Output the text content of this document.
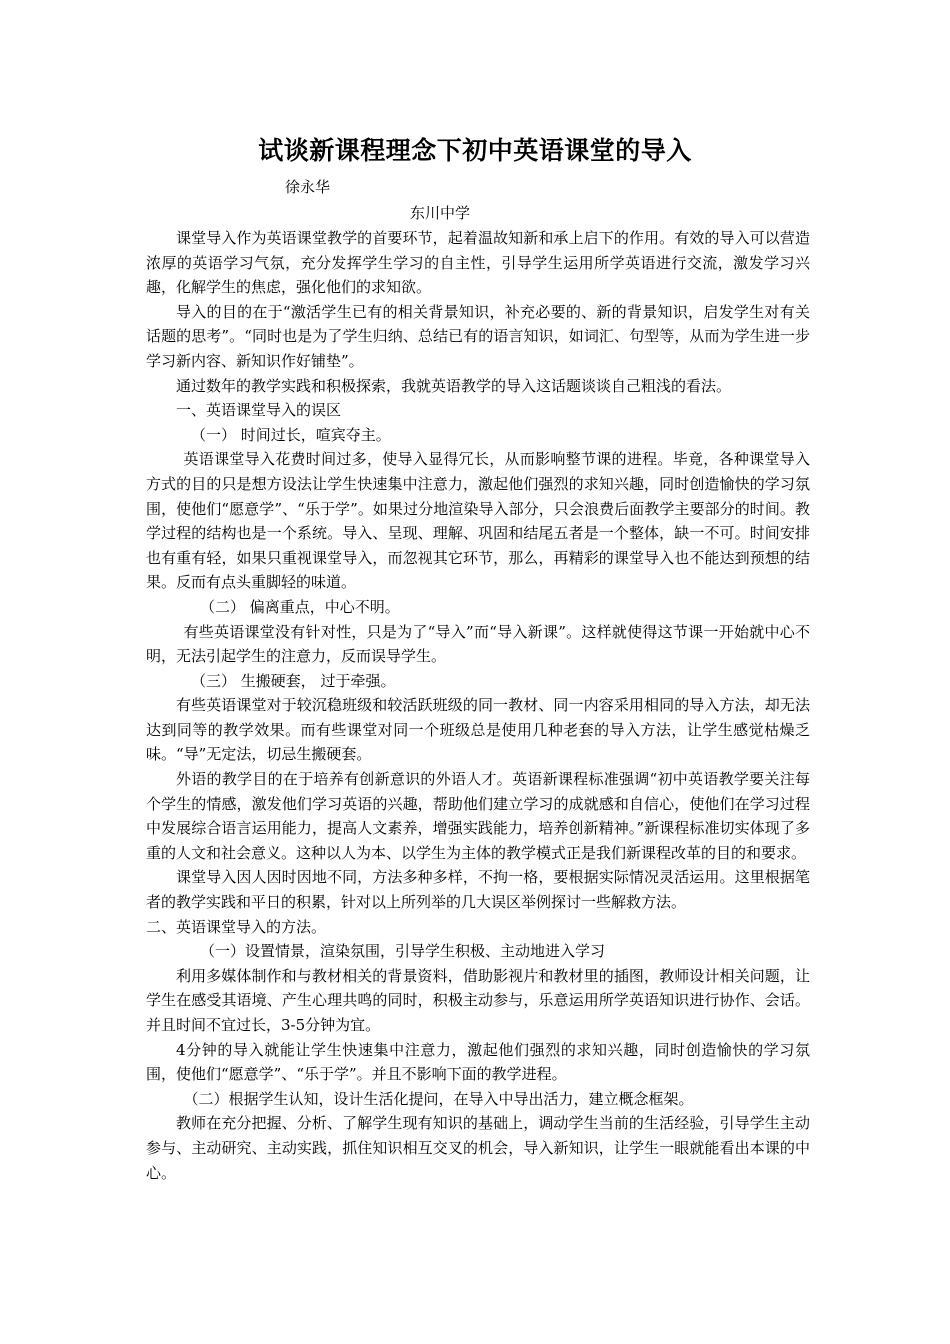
试谈新课程理念下初中英语课堂的导入
徐永华
东川中学

课堂导入作为英语课堂教学的首要环节，起着温故知新和承上启下的作用。有效的导入可以营造浓厚的英语学习气氛，充分发挥学生学习的自主性，引导学生运用所学英语进行交流，激发学习兴趣，化解学生的焦虑，强化他们的求知欲。

导入的目的在于“激活学生已有的相关背景知识，补充必要的、新的背景知识，启发学生对有关话题的思考”。“同时也是为了学生归纳、总结已有的语言知识，如词汇、句型等，从而为学生进一步学习新内容、新知识作好铺垫”。

通过数年的教学实践和积极探索，我就英语教学的导入这话题谈谈自己粗浅的看法。

一、英语课堂导入的误区

（一） 时间过长，喧宾夺主。

英语课堂导入花费时间过多，使导入显得冗长，从而影响整节课的进程。毕竟，各种课堂导入方式的目的只是想方设法让学生快速集中注意力，激起他们强烈的求知兴趣，同时创造愉快的学习氛围，使他们“愿意学”、“乐于学”。如果过分地渲染导入部分，只会浪费后面教学主要部分的时间。教学过程的结构也是一个系统。导入、呈现、理解、巩固和结尾五者是一个整体，缺一不可。时间安排也有重有轻，如果只重视课堂导入，而忽视其它环节，那么，再精彩的课堂导入也不能达到预想的结果。反而有点头重脚轻的味道。

（二） 偏离重点，中心不明。

有些英语课堂没有针对性，只是为了“导入”而“导入新课”。这样就使得这节课一开始就中心不明，无法引起学生的注意力，反而误导学生。

（三） 生搬硬套， 过于牵强。

有些英语课堂对于较沉稳班级和较活跃班级的同一教材、同一内容采用相同的导入方法，却无法达到同等的教学效果。而有些课堂对同一个班级总是使用几种老套的导入方法，让学生感觉枯燥乏味。“导”无定法，切忌生搬硬套。

外语的教学目的在于培养有创新意识的外语人才。英语新课程标准强调“初中英语教学要关注每个学生的情感，激发他们学习英语的兴趣，帮助他们建立学习的成就感和自信心，使他们在学习过程中发展综合语言运用能力，提高人文素养，增强实践能力，培养创新精神。”新课程标准切实体现了多重的人文和社会意义。这种以人为本、以学生为主体的教学模式正是我们新课程改革的目的和要求。

课堂导入因人因时因地不同，方法多种多样，不拘一格，要根据实际情况灵活运用。这里根据笔者的教学实践和平日的积累，针对以上所列举的几大误区举例探讨一些解救方法。

二、英语课堂导入的方法。

（一）设置情景，渲染氛围，引导学生积极、主动地进入学习

利用多媒体制作和与教材相关的背景资料，借助影视片和教材里的插图，教师设计相关问题，让学生在感受其语境、产生心理共鸣的同时，积极主动参与，乐意运用所学英语知识进行协作、会话。并且时间不宜过长，3-5分钟为宜。

4分钟的导入就能让学生快速集中注意力，激起他们强烈的求知兴趣，同时创造愉快的学习氛围，使他们“愿意学”、“乐于学”。并且不影响下面的教学进程。

（二）根据学生认知，设计生活化提问，在导入中导出活力，建立概念框架。

教师在充分把握、分析、了解学生现有知识的基础上，调动学生当前的生活经验，引导学生主动参与、主动研究、主动实践，抓住知识相互交叉的机会，导入新知识，让学生一眼就能看出本课的中心。
